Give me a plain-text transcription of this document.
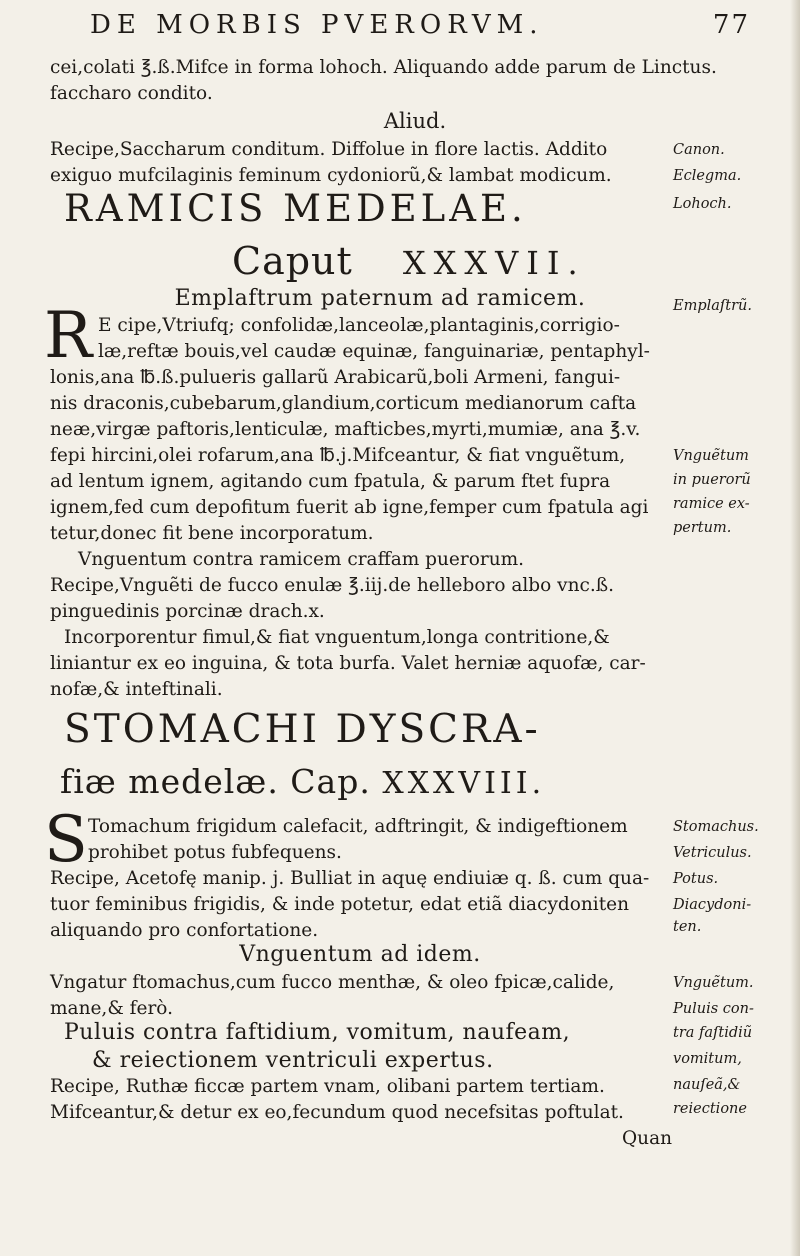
DE MORBIS PVERORVM.	77
cei,colati ℥.ß.Mifce in forma lohoch. Aliquando adde parum de Linctus.
faccharo condito.
Aliud.
Recipe,Saccharum conditum. Diffolue in flore lactis. Addito
exiguo mufcilaginis feminum cydoniorũ,& lambat modicum.
Canon.
Eclegma.
Lohoch.
RAMICIS MEDELAE.
Caput XXXVII.
Emplaftrum paternum ad ramicem.	Emplaſtrũ.
R E cipe,Vtriufq; confolidæ,lanceolæ,plantaginis,corrigio-
læ,reftæ bouis,vel caudæ equinæ, fanguinariæ, pentaphyl-
lonis,ana ℔.ß.pulueris gallarũ Arabicarũ,boli Armeni, fangui-
nis draconis,cubebarum,glandium,corticum medianorum cafta
neæ,virgæ paftoris,lenticulæ, mafticbes,myrti,mumiæ, ana ℥.v.
fepi hircini,olei rofarum,ana ℔.j.Mifceantur, & fiat vnguẽtum,
ad lentum ignem, agitando cum fpatula, & parum ftet fupra
ignem,fed cum depofitum fuerit ab igne,femper cum fpatula agi
tetur,donec fit bene incorporatum.
Vnguẽtum
in puerorũ
ramice ex-
pertum.
Vnguentum contra ramicem craffam puerorum.
Recipe,Vnguẽti de fucco enulæ ℥.iij.de helleboro albo vnc.ß.
pinguedinis porcinæ drach.x.
Incorporentur fimul,& fiat vnguentum,longa contritione,&
liniantur ex eo inguina, & tota burfa. Valet herniæ aquofæ, car-
nofæ,& inteftinali.
STOMACHI DYSCRA-
fiæ medelæ. Cap. XXXVIII.
S Tomachum frigidum calefacit, adftringit, & indigeftionem
prohibet potus fubfequens.
Recipe, Acetofę manip. j. Bulliat in aquę endiuiæ q. ß. cum qua-
tuor feminibus frigidis, & inde potetur, edat etiã diacydoniten
aliquando pro confortatione.
Stomachus.
Vetriculus.
Potus.
Diacydoni-
ten.
Vnguentum ad idem.
Vngatur ftomachus,cum fucco menthæ, & oleo fpicæ,calide,
mane,& ferò.
Vnguẽtum.
Puluis con-
Puluis contra faftidium, vomitum, naufeam,
& reiectionem ventriculi expertus.
tra faſtidiũ
vomitum,
nauſeã,&
reiectione
Recipe, Ruthæ ficcæ partem vnam, olibani partem tertiam.
Mifceantur,& detur ex eo,fecundum quod necefsitas poftulat.
Quan
